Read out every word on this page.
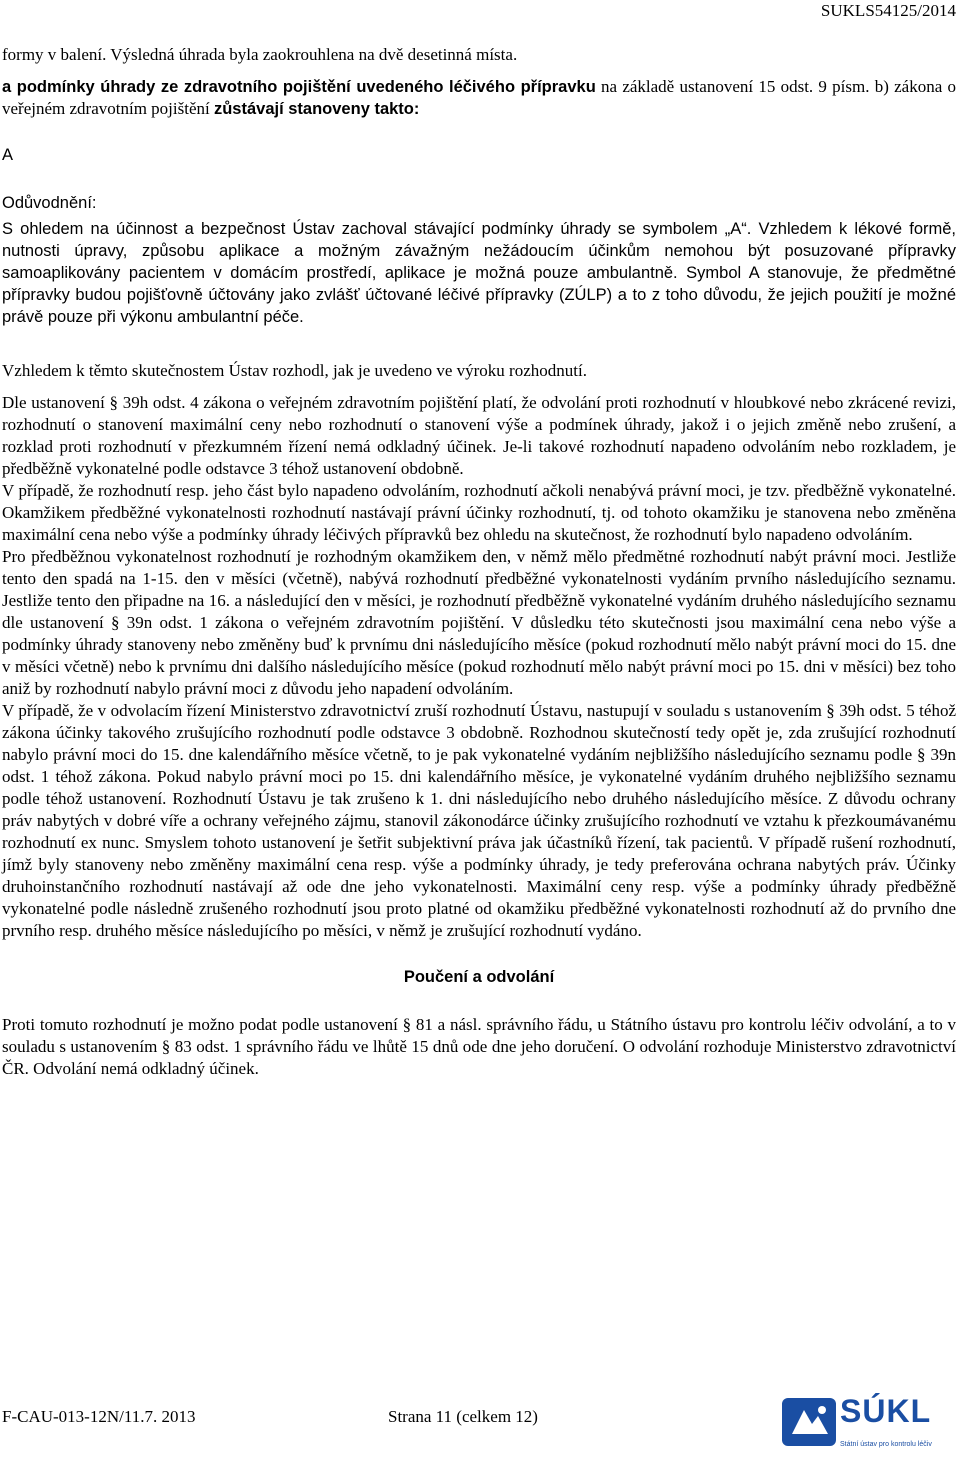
SUKLS54125/2014

formy v balení. Výsledná úhrada byla zaokrouhlena na dvě desetinná místa.

a podmínky úhrady ze zdravotního pojištění uvedeného léčivého přípravku na základě ustanovení 15 odst. 9 písm. b) zákona o veřejném zdravotním pojištění zůstávají stanoveny takto:

A

Odůvodnění:

S ohledem na účinnost a bezpečnost Ústav zachoval stávající podmínky úhrady se symbolem „A“. Vzhledem k lékové formě, nutnosti úpravy, způsobu aplikace a možným závažným nežádoucím účinkům nemohou být posuzované přípravky samoaplikovány pacientem v domácím prostředí, aplikace je možná pouze ambulantně. Symbol A stanovuje, že předmětné přípravky budou pojišťovně účtovány jako zvlášť účtované léčivé přípravky (ZÚLP) a to z toho důvodu, že jejich použití je možné právě pouze při výkonu ambulantní péče.

Vzhledem k těmto skutečnostem Ústav rozhodl, jak je uvedeno ve výroku rozhodnutí.

Dle ustanovení § 39h odst. 4 zákona o veřejném zdravotním pojištění platí, že odvolání proti rozhodnutí v hloubkové nebo zkrácené revizi, rozhodnutí o stanovení maximální ceny nebo rozhodnutí o stanovení výše a podmínek úhrady, jakož i o jejich změně nebo zrušení, a rozklad proti rozhodnutí v přezkumném řízení nemá odkladný účinek. Je-li takové rozhodnutí napadeno odvoláním nebo rozkladem, je předběžně vykonatelné podle odstavce 3 téhož ustanovení obdobně.

V případě, že rozhodnutí resp. jeho část bylo napadeno odvoláním, rozhodnutí ačkoli nenabývá právní moci, je tzv. předběžně vykonatelné. Okamžikem předběžné vykonatelnosti rozhodnutí nastávají právní účinky rozhodnutí, tj. od tohoto okamžiku je stanovena nebo změněna maximální cena nebo výše a podmínky úhrady léčivých přípravků bez ohledu na skutečnost, že rozhodnutí bylo napadeno odvoláním.

Pro předběžnou vykonatelnost rozhodnutí je rozhodným okamžikem den, v němž mělo předmětné rozhodnutí nabýt právní moci. Jestliže tento den spadá na 1-15. den v měsíci (včetně), nabývá rozhodnutí předběžné vykonatelnosti vydáním prvního následujícího seznamu. Jestliže tento den připadne na 16. a následující den v měsíci, je rozhodnutí předběžně vykonatelné vydáním druhého následujícího seznamu dle ustanovení § 39n odst. 1 zákona o veřejném zdravotním pojištění. V důsledku této skutečnosti jsou maximální cena nebo výše a podmínky úhrady stanoveny nebo změněny buď k prvnímu dni následujícího měsíce (pokud rozhodnutí mělo nabýt právní moci do 15. dne v měsíci včetně) nebo k prvnímu dni dalšího následujícího měsíce (pokud rozhodnutí mělo nabýt právní moci po 15. dni v měsíci) bez toho aniž by rozhodnutí nabylo právní moci z důvodu jeho napadení odvoláním.

V případě, že v odvolacím řízení Ministerstvo zdravotnictví zruší rozhodnutí Ústavu, nastupují v souladu s ustanovením § 39h odst. 5 téhož zákona účinky takového zrušujícího rozhodnutí podle odstavce 3 obdobně. Rozhodnou skutečností tedy opět je, zda zrušující rozhodnutí nabylo právní moci do 15. dne kalendářního měsíce včetně, to je pak vykonatelné vydáním nejbližšího následujícího seznamu podle § 39n odst. 1 téhož zákona. Pokud nabylo právní moci po 15. dni kalendářního měsíce, je vykonatelné vydáním druhého nejbližšího seznamu podle téhož ustanovení. Rozhodnutí Ústavu je tak zrušeno k 1. dni následujícího nebo druhého následujícího měsíce. Z důvodu ochrany práv nabytých v dobré víře a ochrany veřejného zájmu, stanovil zákonodárce účinky zrušujícího rozhodnutí ve vztahu k přezkoumávanému rozhodnutí ex nunc. Smyslem tohoto ustanovení je šetřit subjektivní práva jak účastníků řízení, tak pacientů. V případě rušení rozhodnutí, jímž byly stanoveny nebo změněny maximální cena resp. výše a podmínky úhrady, je tedy preferována ochrana nabytých práv. Účinky druhoinstančního rozhodnutí nastávají až ode dne jeho vykonatelnosti. Maximální ceny resp. výše a podmínky úhrady předběžně vykonatelné podle následně zrušeného rozhodnutí jsou proto platné od okamžiku předběžné vykonatelnosti rozhodnutí až do prvního dne prvního resp. druhého měsíce následujícího po měsíci, v němž je zrušující rozhodnutí vydáno.

Poučení a odvolání

Proti tomuto rozhodnutí je možno podat podle ustanovení § 81 a násl. správního řádu, u Státního ústavu pro kontrolu léčiv odvolání, a to v souladu s ustanovením § 83 odst. 1 správního řádu ve lhůtě 15 dnů ode dne jeho doručení. O odvolání rozhoduje Ministerstvo zdravotnictví ČR. Odvolání nemá odkladný účinek.

F-CAU-013-12N/11.7. 2013	Strana 11 (celkem 12)	SÚKL
Státní ústav pro kontrolu léčiv
